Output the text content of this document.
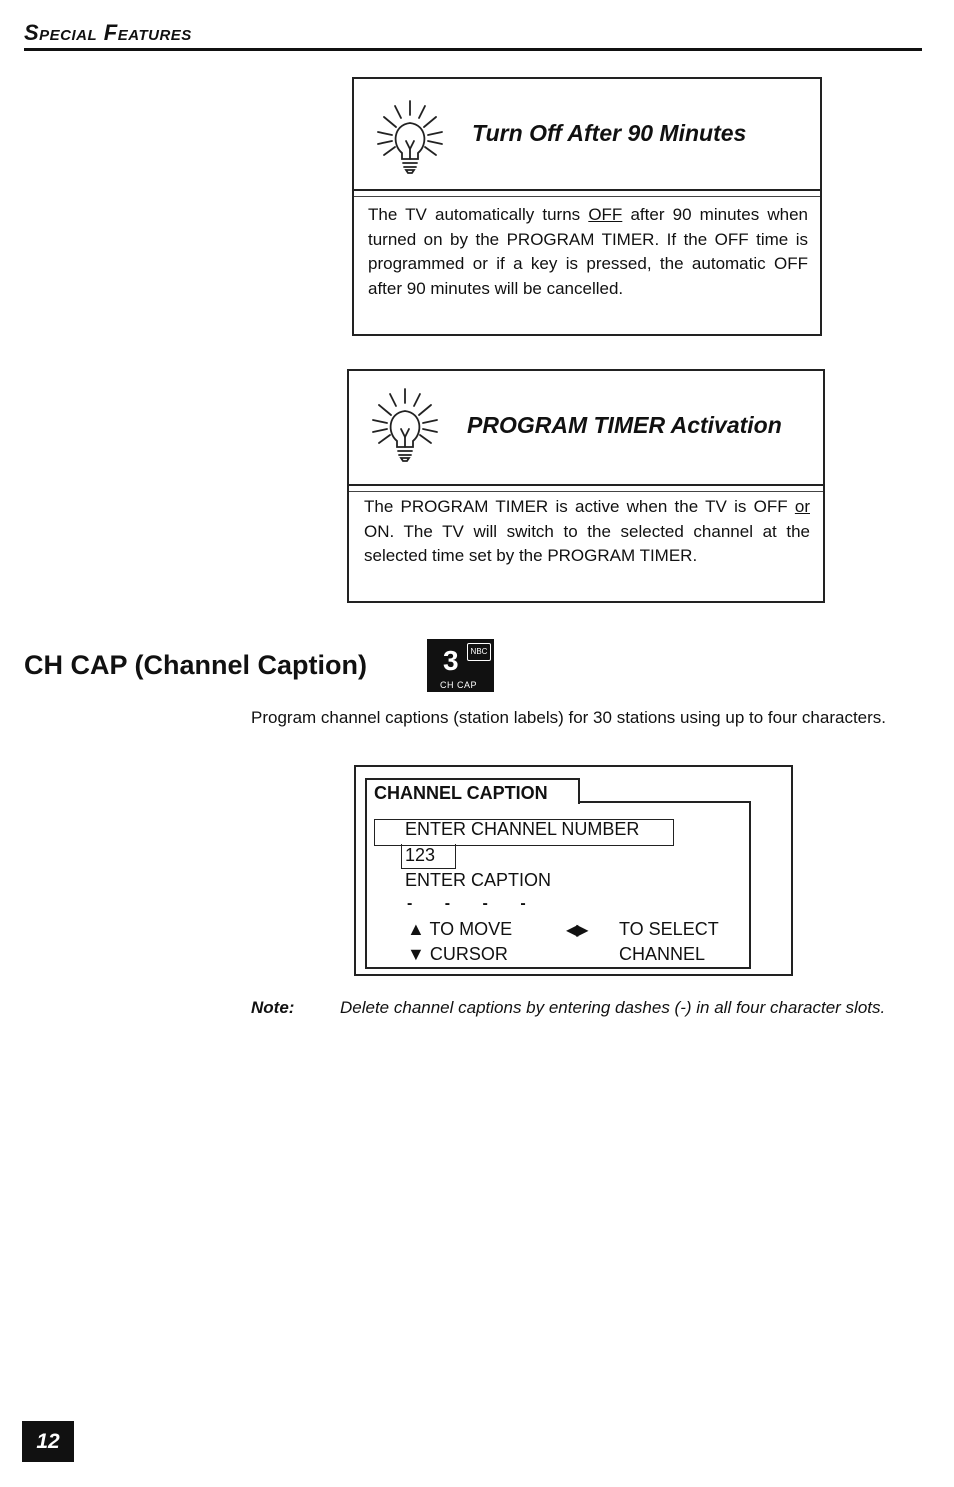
Special Features
Turn Off After 90 Minutes
The TV automatically turns OFF after 90 minutes when turned on by the PROGRAM TIMER. If the OFF time is programmed or if a key is pressed, the automatic OFF after 90 minutes will be cancelled.
PROGRAM TIMER Activation
The PROGRAM TIMER is active when the TV is OFF or ON. The TV will switch to the selected channel at the selected time set by the PROGRAM TIMER.
CH CAP (Channel Caption)	3	NBC
CH CAP
Program channel captions (station labels) for 30 stations using up to four characters.
CHANNEL CAPTION
ENTER CHANNEL NUMBER
123
ENTER CAPTION
- - - -
▲ TO MOVE
▼ CURSOR
◀▶ TO SELECT
CHANNEL
Note:	Delete channel captions by entering dashes (-) in all four character slots.
12
